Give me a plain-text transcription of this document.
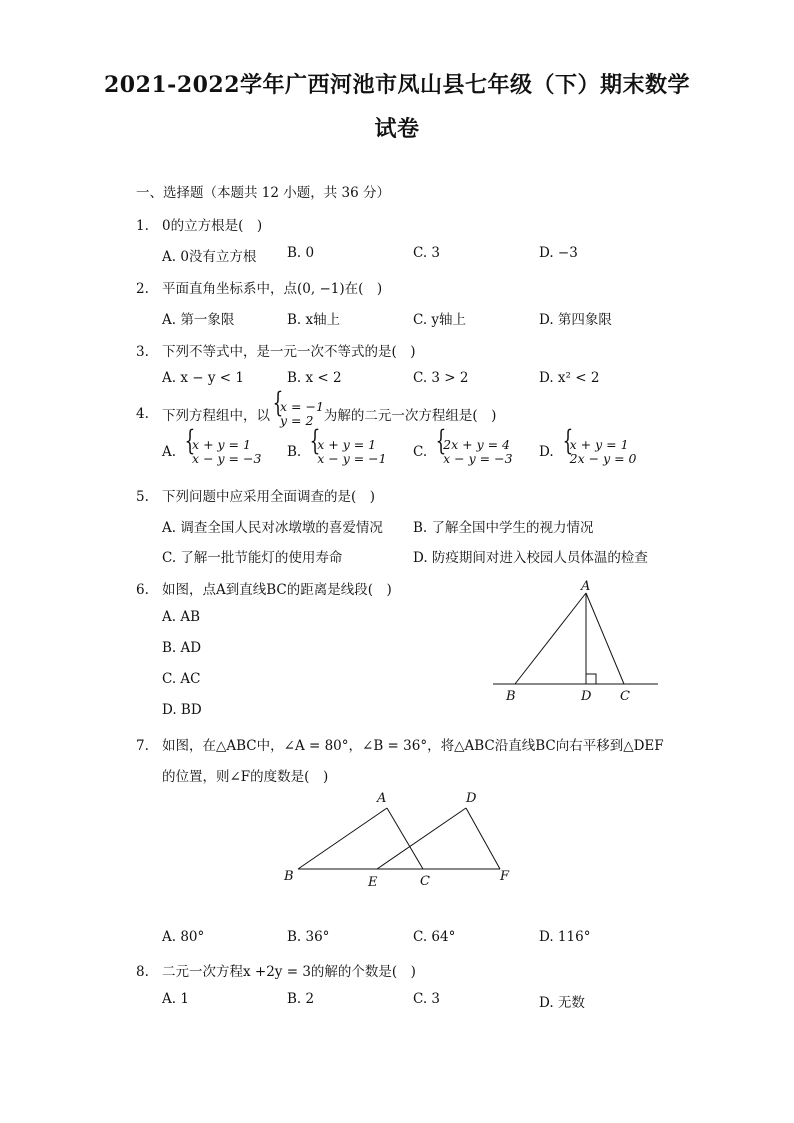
2021-2022学年广西河池市凤山县七年级（下）期末数学
试卷
一、选择题（本题共 12 小题，共 36 分）
1. 0的立方根是(　)
A. 0没有立方根 B. 0	C. 3	D. −3
2. 平面直角坐标系中，点(0, −1)在(　)
A. 第一象限	B. x轴上	C. y轴上	D. 第四象限
3. 下列不等式中，是一元一次不等式的是(　)
A. x − y < 1	B. x < 2	C. 3 > 2	D. x² < 2
4. 下列方程组中，以
{ x = −1
y = 2 为解的二元一次方程组是(　)
A. { x + y = 1
x − y = −3 B. { x + y = 1
x − y = −1 C. { 2x + y = 4
x − y = −3 D. { x + y = 1
2x − y = 0
5. 下列问题中应采用全面调查的是(　)
A. 调查全国人民对冰墩墩的喜爱情况 B. 了解全国中学生的视力情况
C. 了解一批节能灯的使用寿命	D. 防疫期间对进入校园人员体温的检查
6. 如图，点A到直线BC的距离是线段(　)
A. AB
B. AD
C. AC
D. BD
A
B	D C
7. 如图，在△ABC中，∠A = 80°，∠B = 36°，将△ABC沿直线BC向右平移到△DEF
的位置，则∠F的度数是(　)
A	D
B	E	C	F
A. 80°	B. 36°	C. 64°	D. 116°
8. 二元一次方程x +2y = 3的解的个数是(　)
A. 1	B. 2	C. 3	D. 无数
